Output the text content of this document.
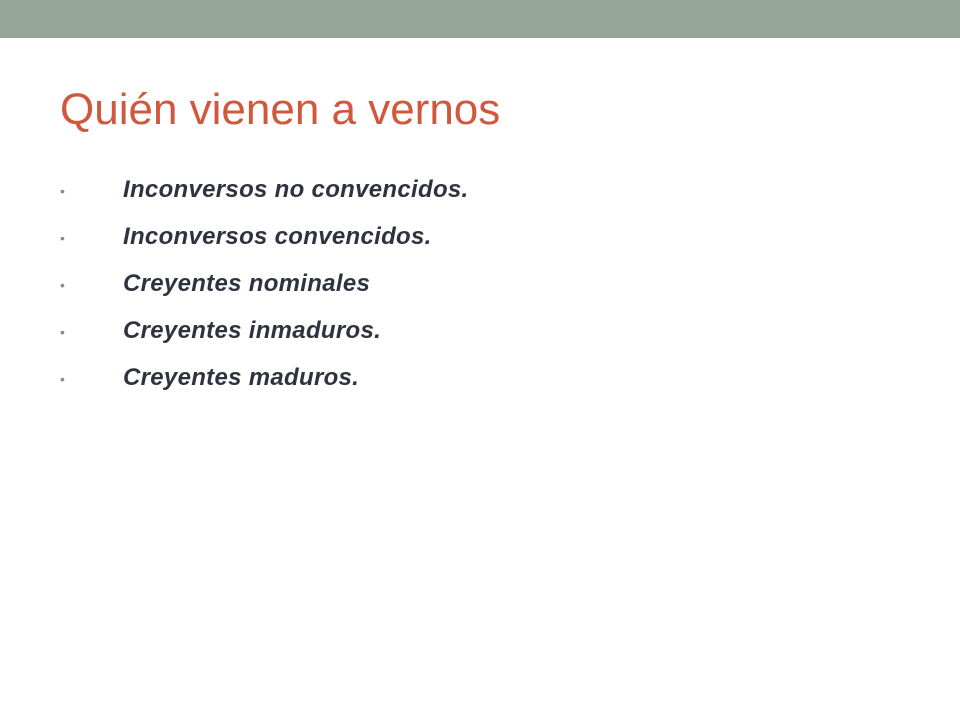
Quién vienen a vernos
• Inconversos no convencidos.
• Inconversos convencidos.
• Creyentes nominales
• Creyentes inmaduros.
• Creyentes maduros.
